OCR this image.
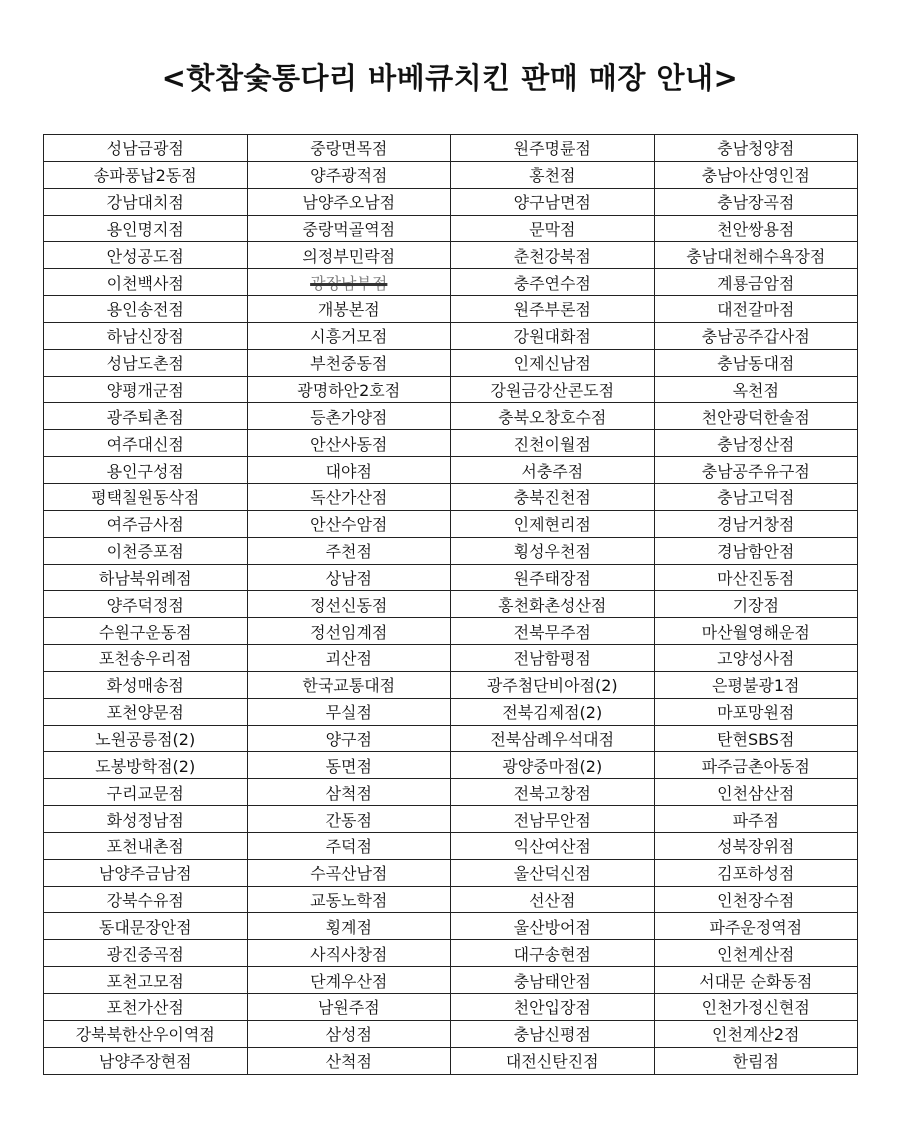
<핫참숯통다리 바베큐치킨 판매 매장 안내>
성남금광점	중랑면목점	원주명륜점	충남청양점
송파풍납2동점	양주광적점	홍천점	충남아산영인점
강남대치점	남양주오남점	양구남면점	충남장곡점
용인명지점	중랑먹골역점	문막점	천안쌍용점
안성공도점	의정부민락점	춘천강북점	충남대천해수욕장점
이천백사점	광장남부점	충주연수점	계룡금암점
용인송전점	개봉본점	원주부론점	대전갈마점
하남신장점	시흥거모점	강원대화점	충남공주갑사점
성남도촌점	부천중동점	인제신남점	충남동대점
양평개군점	광명하안2호점	강원금강산콘도점	옥천점
광주퇴촌점	등촌가양점	충북오창호수점	천안광덕한솔점
여주대신점	안산사동점	진천이월점	충남정산점
용인구성점	대야점	서충주점	충남공주유구점
평택칠원동삭점	독산가산점	충북진천점	충남고덕점
여주금사점	안산수암점	인제현리점	경남거창점
이천증포점	주천점	횡성우천점	경남함안점
하남북위례점	상남점	원주태장점	마산진동점
양주덕정점	정선신동점	홍천화촌성산점	기장점
수원구운동점	정선임계점	전북무주점	마산월영해운점
포천송우리점	괴산점	전남함평점	고양성사점
화성매송점	한국교통대점	광주첨단비아점(2)	은평불광1점
포천양문점	무실점	전북김제점(2)	마포망원점
노원공릉점(2)	양구점	전북삼례우석대점	탄현SBS점
도봉방학점(2)	동면점	광양중마점(2)	파주금촌아동점
구리교문점	삼척점	전북고창점	인천삼산점
화성정남점	간동점	전남무안점	파주점
포천내촌점	주덕점	익산여산점	성북장위점
남양주금남점	수곡산남점	울산덕신점	김포하성점
강북수유점	교동노학점	선산점	인천장수점
동대문장안점	횡계점	울산방어점	파주운정역점
광진중곡점	사직사창점	대구송현점	인천계산점
포천고모점	단계우산점	충남태안점	서대문 순화동점
포천가산점	남원주점	천안입장점	인천가정신현점
강북북한산우이역점	삼성점	충남신평점	인천계산2점
남양주장현점	산척점	대전신탄진점	한림점
